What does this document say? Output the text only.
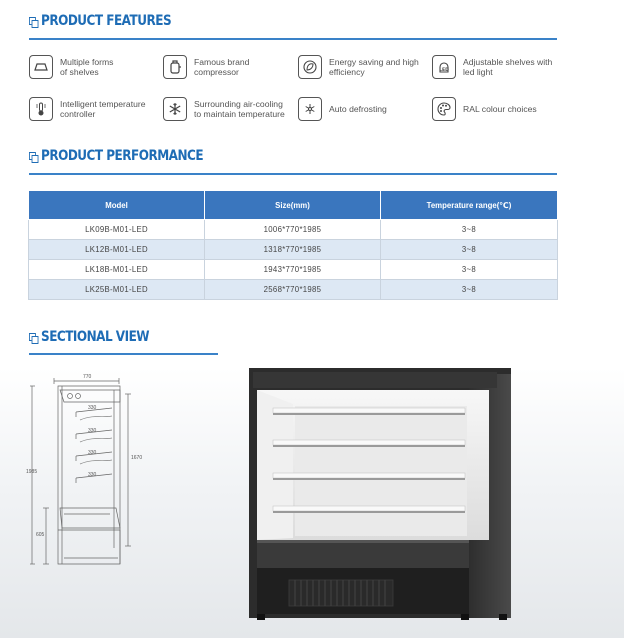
PRODUCT FEATURES
Multiple forms
of shelves
Famous brand
compressor
Energy saving and high
efficiency	LED
Adjustable shelves with
led light
Intelligent temperature
controller
Surrounding air-cooling
to maintain temperature	Auto defrosting	RAL colour choices
PRODUCT PERFORMANCE
Model	Size(mm)	Temperature range(℃)
LK09B-M01-LED	1006*770*1985	3~8
LK12B-M01-LED	1318*770*1985	3~8
LK18B-M01-LED	1943*770*1985	3~8
LK25B-M01-LED	2568*770*1985	3~8
SECTIONAL VIEW
770
330
330
330
330
1985
1670
605
